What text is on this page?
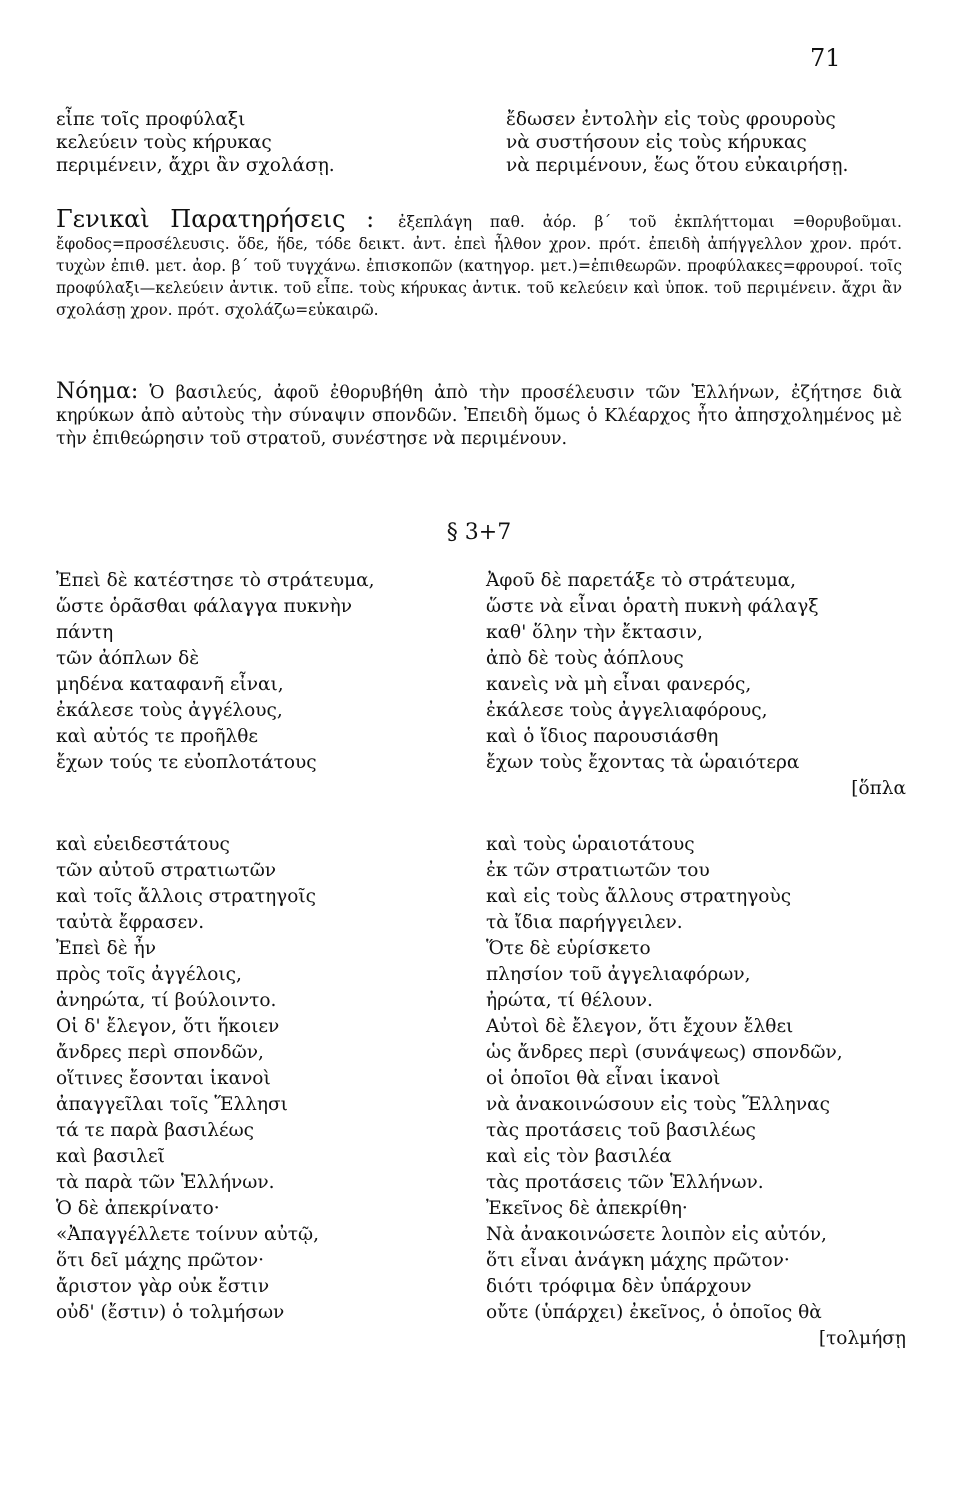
71
εἶπε τοῖς προφύλαξι
κελεύειν τοὺς κήρυκας
περιμένειν, ἄχρι ἂν σχολάσῃ.
ἔδωσεν ἐντολὴν εἰς τοὺς φρουροὺς
νὰ συστήσουν εἰς τοὺς κήρυκας
νὰ περιμένουν, ἕως ὅτου εὐκαιρήσῃ.
Γενικαὶ Παρατηρήσεις : ἐξεπλάγη παθ. ἀόρ. β΄ τοῦ ἐκπλήττομαι =θορυβοῦμαι. ἔφοδος=προσέλευσις. ὅδε, ἥδε, τόδε δεικτ. ἀντ. ἐπεὶ ἦλθον χρον. πρότ. ἐπειδὴ ἀπήγγελλον χρον. πρότ. τυχὼν ἐπιθ. μετ. ἀορ. β΄ τοῦ τυγχάνω. ἐπισκοπῶν (κατηγορ. μετ.)=ἐπιθεωρῶν. προφύλακες=φρουροί. τοῖς προφύλαξι—κελεύειν ἀντικ. τοῦ εἶπε. τοὺς κήρυκας ἀντικ. τοῦ κελεύειν καὶ ὑποκ. τοῦ περιμένειν. ἄχρι ἂν σχολάσῃ χρον. πρότ. σχολάζω=εὐκαιρῶ.
Νόημα: Ὁ βασιλεύς, ἀφοῦ ἐθορυβήθη ἀπὸ τὴν προσέλευσιν τῶν Ἑλλήνων, ἐζήτησε διὰ κηρύκων ἀπὸ αὐτοὺς τὴν σύναψιν σπονδῶν. Ἐπειδὴ ὅμως ὁ Κλέαρχος ἦτο ἀπησχολημένος μὲ τὴν ἐπιθεώρησιν τοῦ στρατοῦ, συνέστησε νὰ περιμένουν.
§ 3+7
Ἐπεὶ δὲ κατέστησε τὸ στράτευμα,
ὥστε ὁρᾶσθαι φάλαγγα πυκνὴν
πάντη
τῶν ἀόπλων δὲ
μηδένα καταφανῆ εἶναι,
ἐκάλεσε τοὺς ἀγγέλους,
καὶ αὐτός τε προῆλθε
ἔχων τούς τε εὐοπλοτάτους
καὶ εὐειδεστάτους
τῶν αὐτοῦ στρατιωτῶν
καὶ τοῖς ἄλλοις στρατηγοῖς
ταὐτὰ ἔφρασεν.
Ἐπεὶ δὲ ἦν
πρὸς τοῖς ἀγγέλοις,
ἀνηρώτα, τί βούλοιντο.
Οἱ δ' ἔλεγον, ὅτι ἥκοιεν
ἄνδρες περὶ σπονδῶν,
οἵτινες ἔσονται ἱκανοὶ
ἀπαγγεῖλαι τοῖς Ἕλλησι
τά τε παρὰ βασιλέως
καὶ βασιλεῖ
τὰ παρὰ τῶν Ἑλλήνων.
Ὁ δὲ ἀπεκρίνατο·
«Ἀπαγγέλλετε τοίνυν αὐτῷ,
ὅτι δεῖ μάχης πρῶτον·
ἄριστον γὰρ οὐκ ἔστιν
οὐδ' (ἔστιν) ὁ τολμήσων
Ἀφοῦ δὲ παρετάξε τὸ στράτευμα,
ὥστε νὰ εἶναι ὁρατὴ πυκνὴ φάλαγξ
καθ' ὅλην τὴν ἔκτασιν,
ἀπὸ δὲ τοὺς ἀόπλους
κανεὶς νὰ μὴ εἶναι φανερός,
ἐκάλεσε τοὺς ἀγγελιαφόρους,
καὶ ὁ ἴδιος παρουσιάσθη
ἔχων τοὺς ἔχοντας τὰ ὡραιότερα
[ὅπλα
καὶ τοὺς ὡραιοτάτους
ἐκ τῶν στρατιωτῶν του
καὶ εἰς τοὺς ἄλλους στρατηγοὺς
τὰ ἴδια παρήγγειλεν.
Ὅτε δὲ εὑρίσκετο
πλησίον τοῦ ἀγγελιαφόρων,
ἠρώτα, τί θέλουν.
Αὐτοὶ δὲ ἔλεγον, ὅτι ἔχουν ἔλθει
ὡς ἄνδρες περὶ (συνάψεως) σπονδῶν,
οἱ ὁποῖοι θὰ εἶναι ἱκανοὶ
νὰ ἀνακοινώσουν εἰς τοὺς Ἕλληνας
τὰς προτάσεις τοῦ βασιλέως
καὶ εἰς τὸν βασιλέα
τὰς προτάσεις τῶν Ἑλλήνων.
Ἐκεῖνος δὲ ἀπεκρίθη·
Νὰ ἀνακοινώσετε λοιπὸν εἰς αὐτόν,
ὅτι εἶναι ἀνάγκη μάχης πρῶτον·
διότι τρόφιμα δὲν ὑπάρχουν
οὔτε (ὑπάρχει) ἐκεῖνος, ὁ ὁποῖος θὰ
[τολμήσῃ
